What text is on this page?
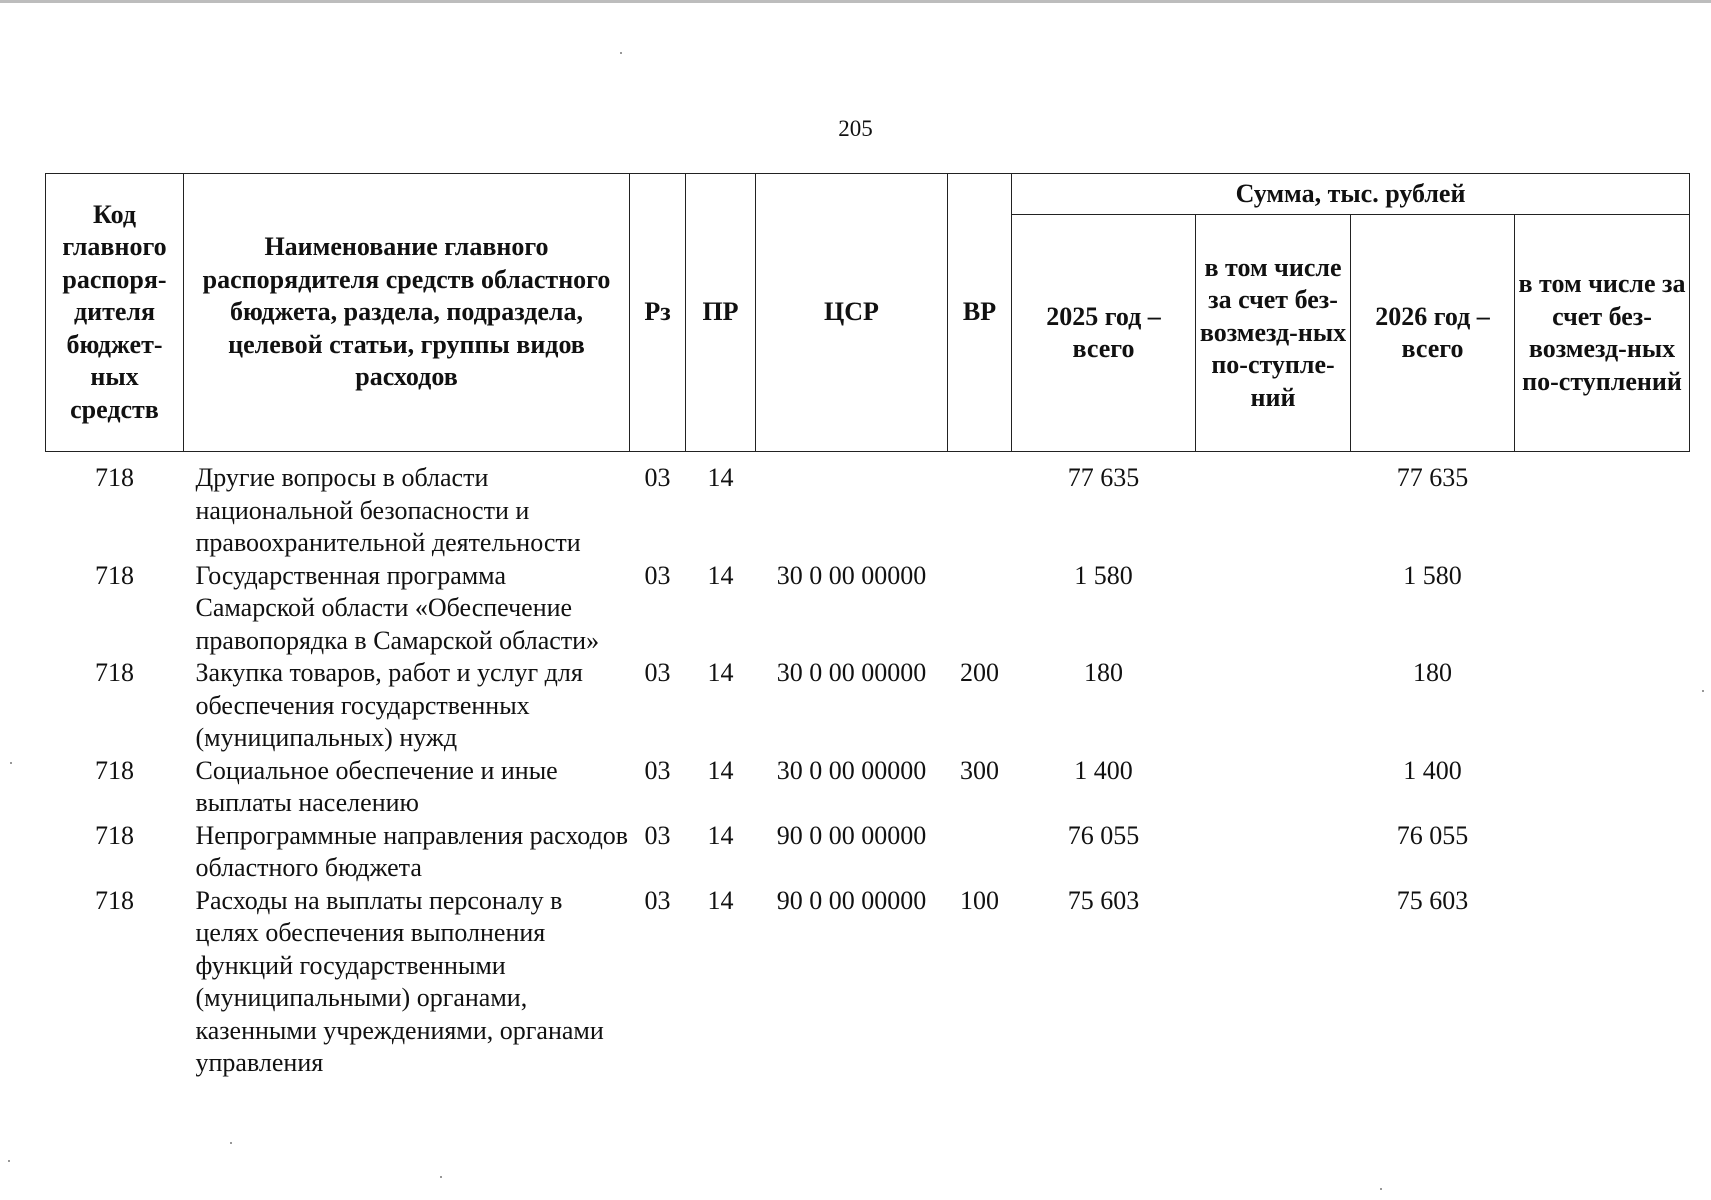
205
Код главного распоря-дителя бюджет-ных средств	Наименование главного распорядителя средств областного бюджета, раздела, подраздела, целевой статьи, группы видов расходов	Рз	ПР	ЦСР	ВР	Сумма, тыс. рублей			
						2025 год – всего	в том числе за счет без-возмезд-ных по-ступле-ний	2026 год – всего	в том числе за счет без-возмезд-ных по-ступлений
718	Другие вопросы в области национальной безопасности и правоохранительной деятельности	03	14			77 635		77 635	
718	Государственная программа Самарской области «Обеспечение правопорядка в Самарской области»	03	14	30 0 00 00000		1 580		1 580	
718	Закупка товаров, работ и услуг для обеспечения государственных (муниципальных) нужд	03	14	30 0 00 00000	200	180		180	
718	Социальное обеспечение и иные выплаты населению	03	14	30 0 00 00000	300	1 400		1 400	
718	Непрограммные направления расходов областного бюджета	03	14	90 0 00 00000		76 055		76 055	
718	Расходы на выплаты персоналу в целях обеспечения выполнения функций государственными (муниципальными) органами, казенными учреждениями, органами управления	03	14	90 0 00 00000	100	75 603		75 603	
